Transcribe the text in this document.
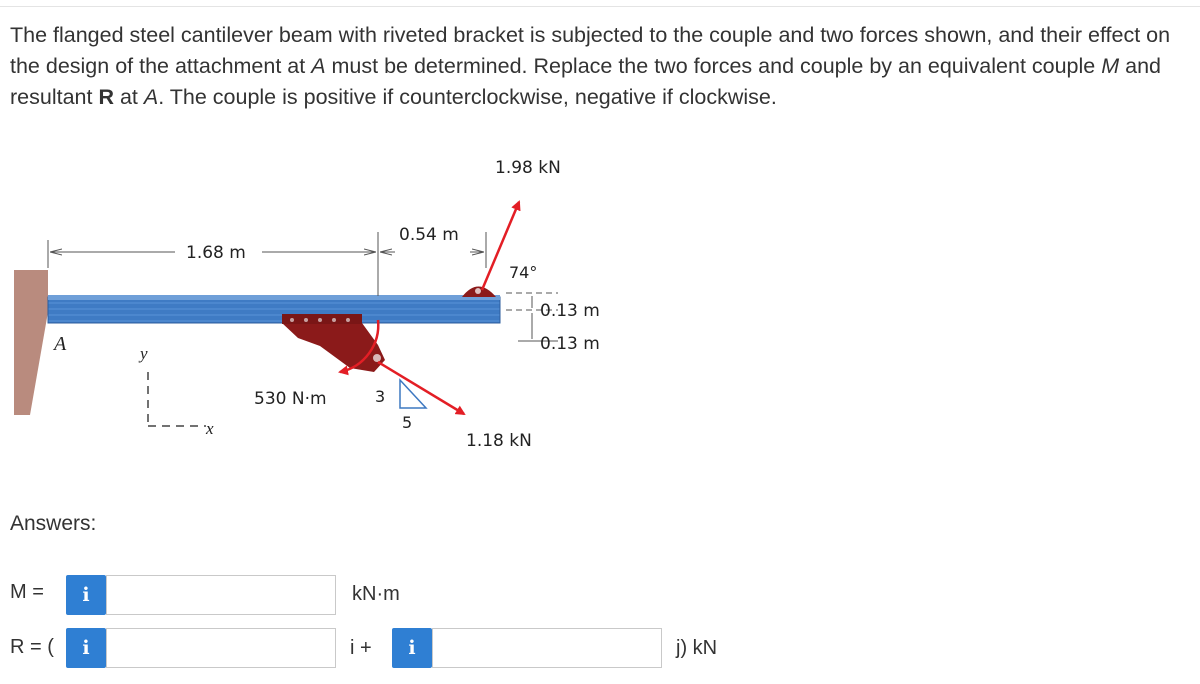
The flanged steel cantilever beam with riveted bracket is subjected to the couple and two forces shown, and their effect on the design of the attachment at A must be determined. Replace the two forces and couple by an equivalent couple M and resultant R at A. The couple is positive if counterclockwise, negative if clockwise.
A	y
x
1.68 m
0.54 m
1.98 kN
74°
0.13 m
0.13 m
530 N·m	3
5
1.18 kN
Answers:
M =	i	kN·m
R = (	i	i +	i	j) kN
